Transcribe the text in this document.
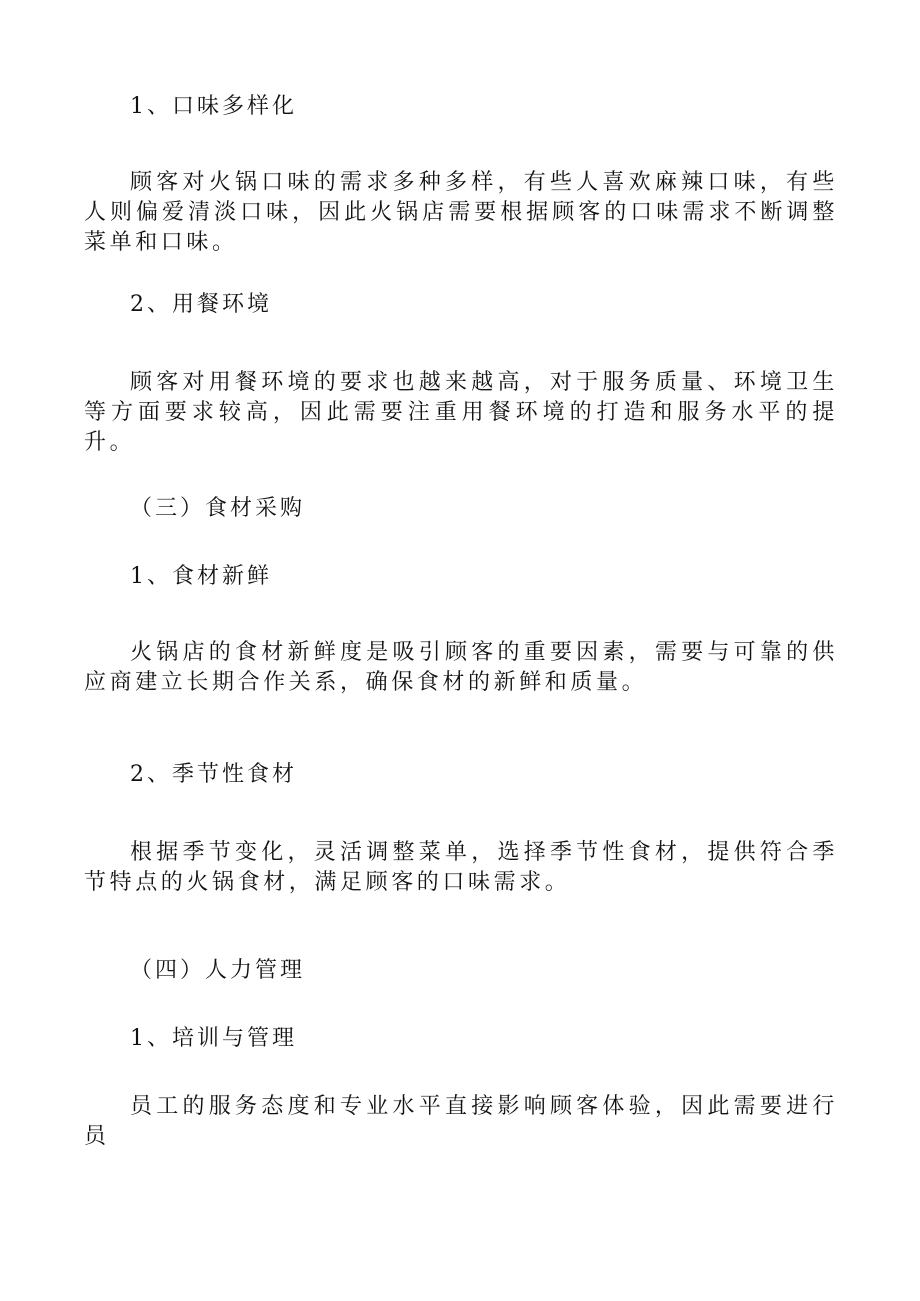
1、口味多样化
顾客对火锅口味的需求多种多样，有些人喜欢麻辣口味，有些人则偏爱清淡口味，因此火锅店需要根据顾客的口味需求不断调整菜单和口味。
2、用餐环境
顾客对用餐环境的要求也越来越高，对于服务质量、环境卫生等方面要求较高，因此需要注重用餐环境的打造和服务水平的提升。
（三）食材采购
1、食材新鲜
火锅店的食材新鲜度是吸引顾客的重要因素，需要与可靠的供应商建立长期合作关系，确保食材的新鲜和质量。
2、季节性食材
根据季节变化，灵活调整菜单，选择季节性食材，提供符合季节特点的火锅食材，满足顾客的口味需求。
（四）人力管理
1、培训与管理
员工的服务态度和专业水平直接影响顾客体验，因此需要进行员
